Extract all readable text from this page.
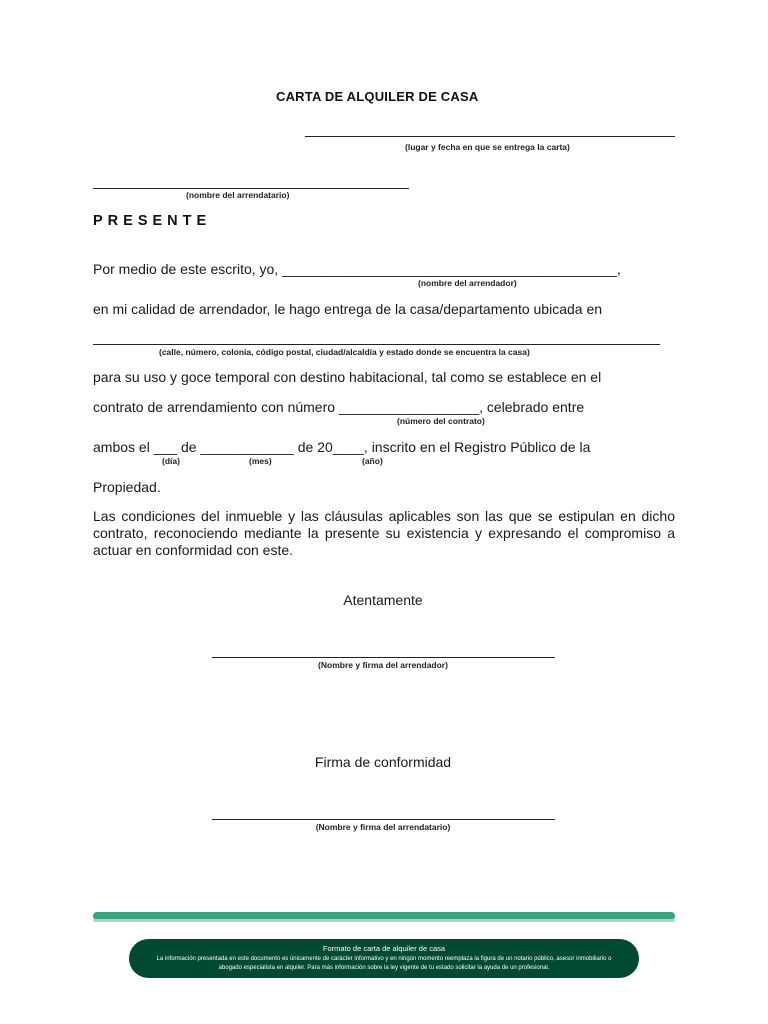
CARTA DE ALQUILER DE CASA
(lugar y fecha en que se entrega la carta)
(nombre del arrendatario)
PRESENTE
Por medio de este escrito, yo, ___________________________________________,
(nombre del arrendador)
en mi calidad de arrendador, le hago entrega de la casa/departamento ubicada en
(calle, número, colonia, código postal, ciudad/alcaldía y estado donde se encuentra la casa)
para su uso y goce temporal con destino habitacional, tal como se establece en el
contrato de arrendamiento con número __________________, celebrado entre
(número del contrato)
ambos el ___ de ____________ de 20____, inscrito en el Registro Público de la
(día)	(mes)	(año)
Propiedad.
Las condiciones del inmueble y las cláusulas aplicables son las que se estipulan en dicho contrato, reconociendo mediante la presente su existencia y expresando el compromiso a actuar en conformidad con este.
Atentamente
(Nombre y firma del arrendador)
Firma de conformidad
(Nombre y firma del arrendatario)
Formato de carta de alquiler de casa
La información presentada en este documento es únicamente de carácter informativo y en ningún momento reemplaza la figura de un notario público, asesor inmobiliario o abogado especialista en alquiler. Para más información sobre la ley vigente de tu estado solicitar la ayuda de un profesional.
